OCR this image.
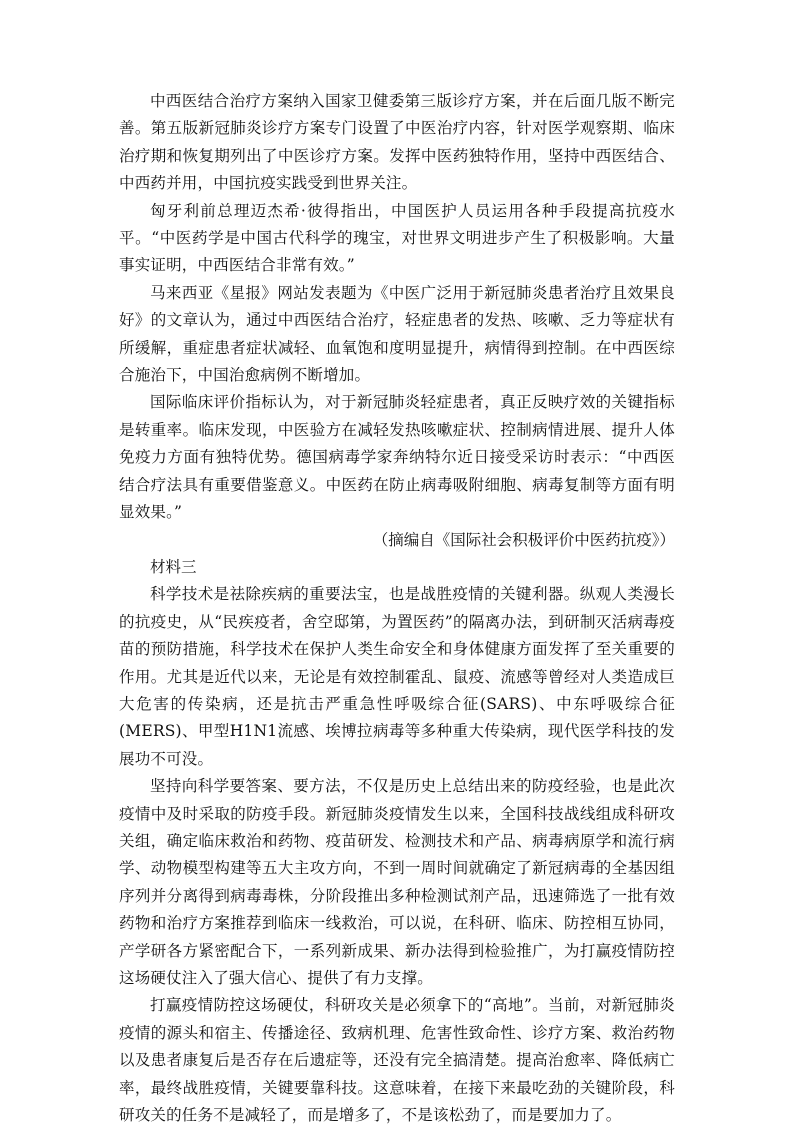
中西医结合治疗方案纳入国家卫健委第三版诊疗方案，并在后面几版不断完善。第五版新冠肺炎诊疗方案专门设置了中医治疗内容，针对医学观察期、临床治疗期和恢复期列出了中医诊疗方案。发挥中医药独特作用，坚持中西医结合、中西药并用，中国抗疫实践受到世界关注。

匈牙利前总理迈杰希·彼得指出，中国医护人员运用各种手段提高抗疫水平。“中医药学是中国古代科学的瑰宝，对世界文明进步产生了积极影响。大量事实证明，中西医结合非常有效。”

马来西亚《星报》网站发表题为《中医广泛用于新冠肺炎患者治疗且效果良好》的文章认为，通过中西医结合治疗，轻症患者的发热、咳嗽、乏力等症状有所缓解，重症患者症状减轻、血氧饱和度明显提升，病情得到控制。在中西医综合施治下，中国治愈病例不断增加。

国际临床评价指标认为，对于新冠肺炎轻症患者，真正反映疗效的关键指标是转重率。临床发现，中医验方在减轻发热咳嗽症状、控制病情进展、提升人体免疫力方面有独特优势。德国病毒学家奔纳特尔近日接受采访时表示：“中西医结合疗法具有重要借鉴意义。中医药在防止病毒吸附细胞、病毒复制等方面有明显效果。”

（摘编自《国际社会积极评价中医药抗疫》）

材料三

科学技术是祛除疾病的重要法宝，也是战胜疫情的关键利器。纵观人类漫长的抗疫史，从“民疾疫者，舍空邸第，为置医药”的隔离办法，到研制灭活病毒疫苗的预防措施，科学技术在保护人类生命安全和身体健康方面发挥了至关重要的作用。尤其是近代以来，无论是有效控制霍乱、鼠疫、流感等曾经对人类造成巨大危害的传染病，还是抗击严重急性呼吸综合征(SARS)、中东呼吸综合征(MERS)、甲型H1N1流感、埃博拉病毒等多种重大传染病，现代医学科技的发展功不可没。

坚持向科学要答案、要方法，不仅是历史上总结出来的防疫经验，也是此次疫情中及时采取的防疫手段。新冠肺炎疫情发生以来，全国科技战线组成科研攻关组，确定临床救治和药物、疫苗研发、检测技术和产品、病毒病原学和流行病学、动物模型构建等五大主攻方向，不到一周时间就确定了新冠病毒的全基因组序列并分离得到病毒毒株，分阶段推出多种检测试剂产品，迅速筛选了一批有效药物和治疗方案推荐到临床一线救治，可以说，在科研、临床、防控相互协同，产学研各方紧密配合下，一系列新成果、新办法得到检验推广，为打赢疫情防控这场硬仗注入了强大信心、提供了有力支撑。

打赢疫情防控这场硬仗，科研攻关是必须拿下的“高地”。当前，对新冠肺炎疫情的源头和宿主、传播途径、致病机理、危害性致命性、诊疗方案、救治药物以及患者康复后是否存在后遗症等，还没有完全搞清楚。提高治愈率、降低病亡率，最终战胜疫情，关键要靠科技。这意味着，在接下来最吃劲的关键阶段，科研攻关的任务不是减轻了，而是增多了，不是该松劲了，而是要加力了。
